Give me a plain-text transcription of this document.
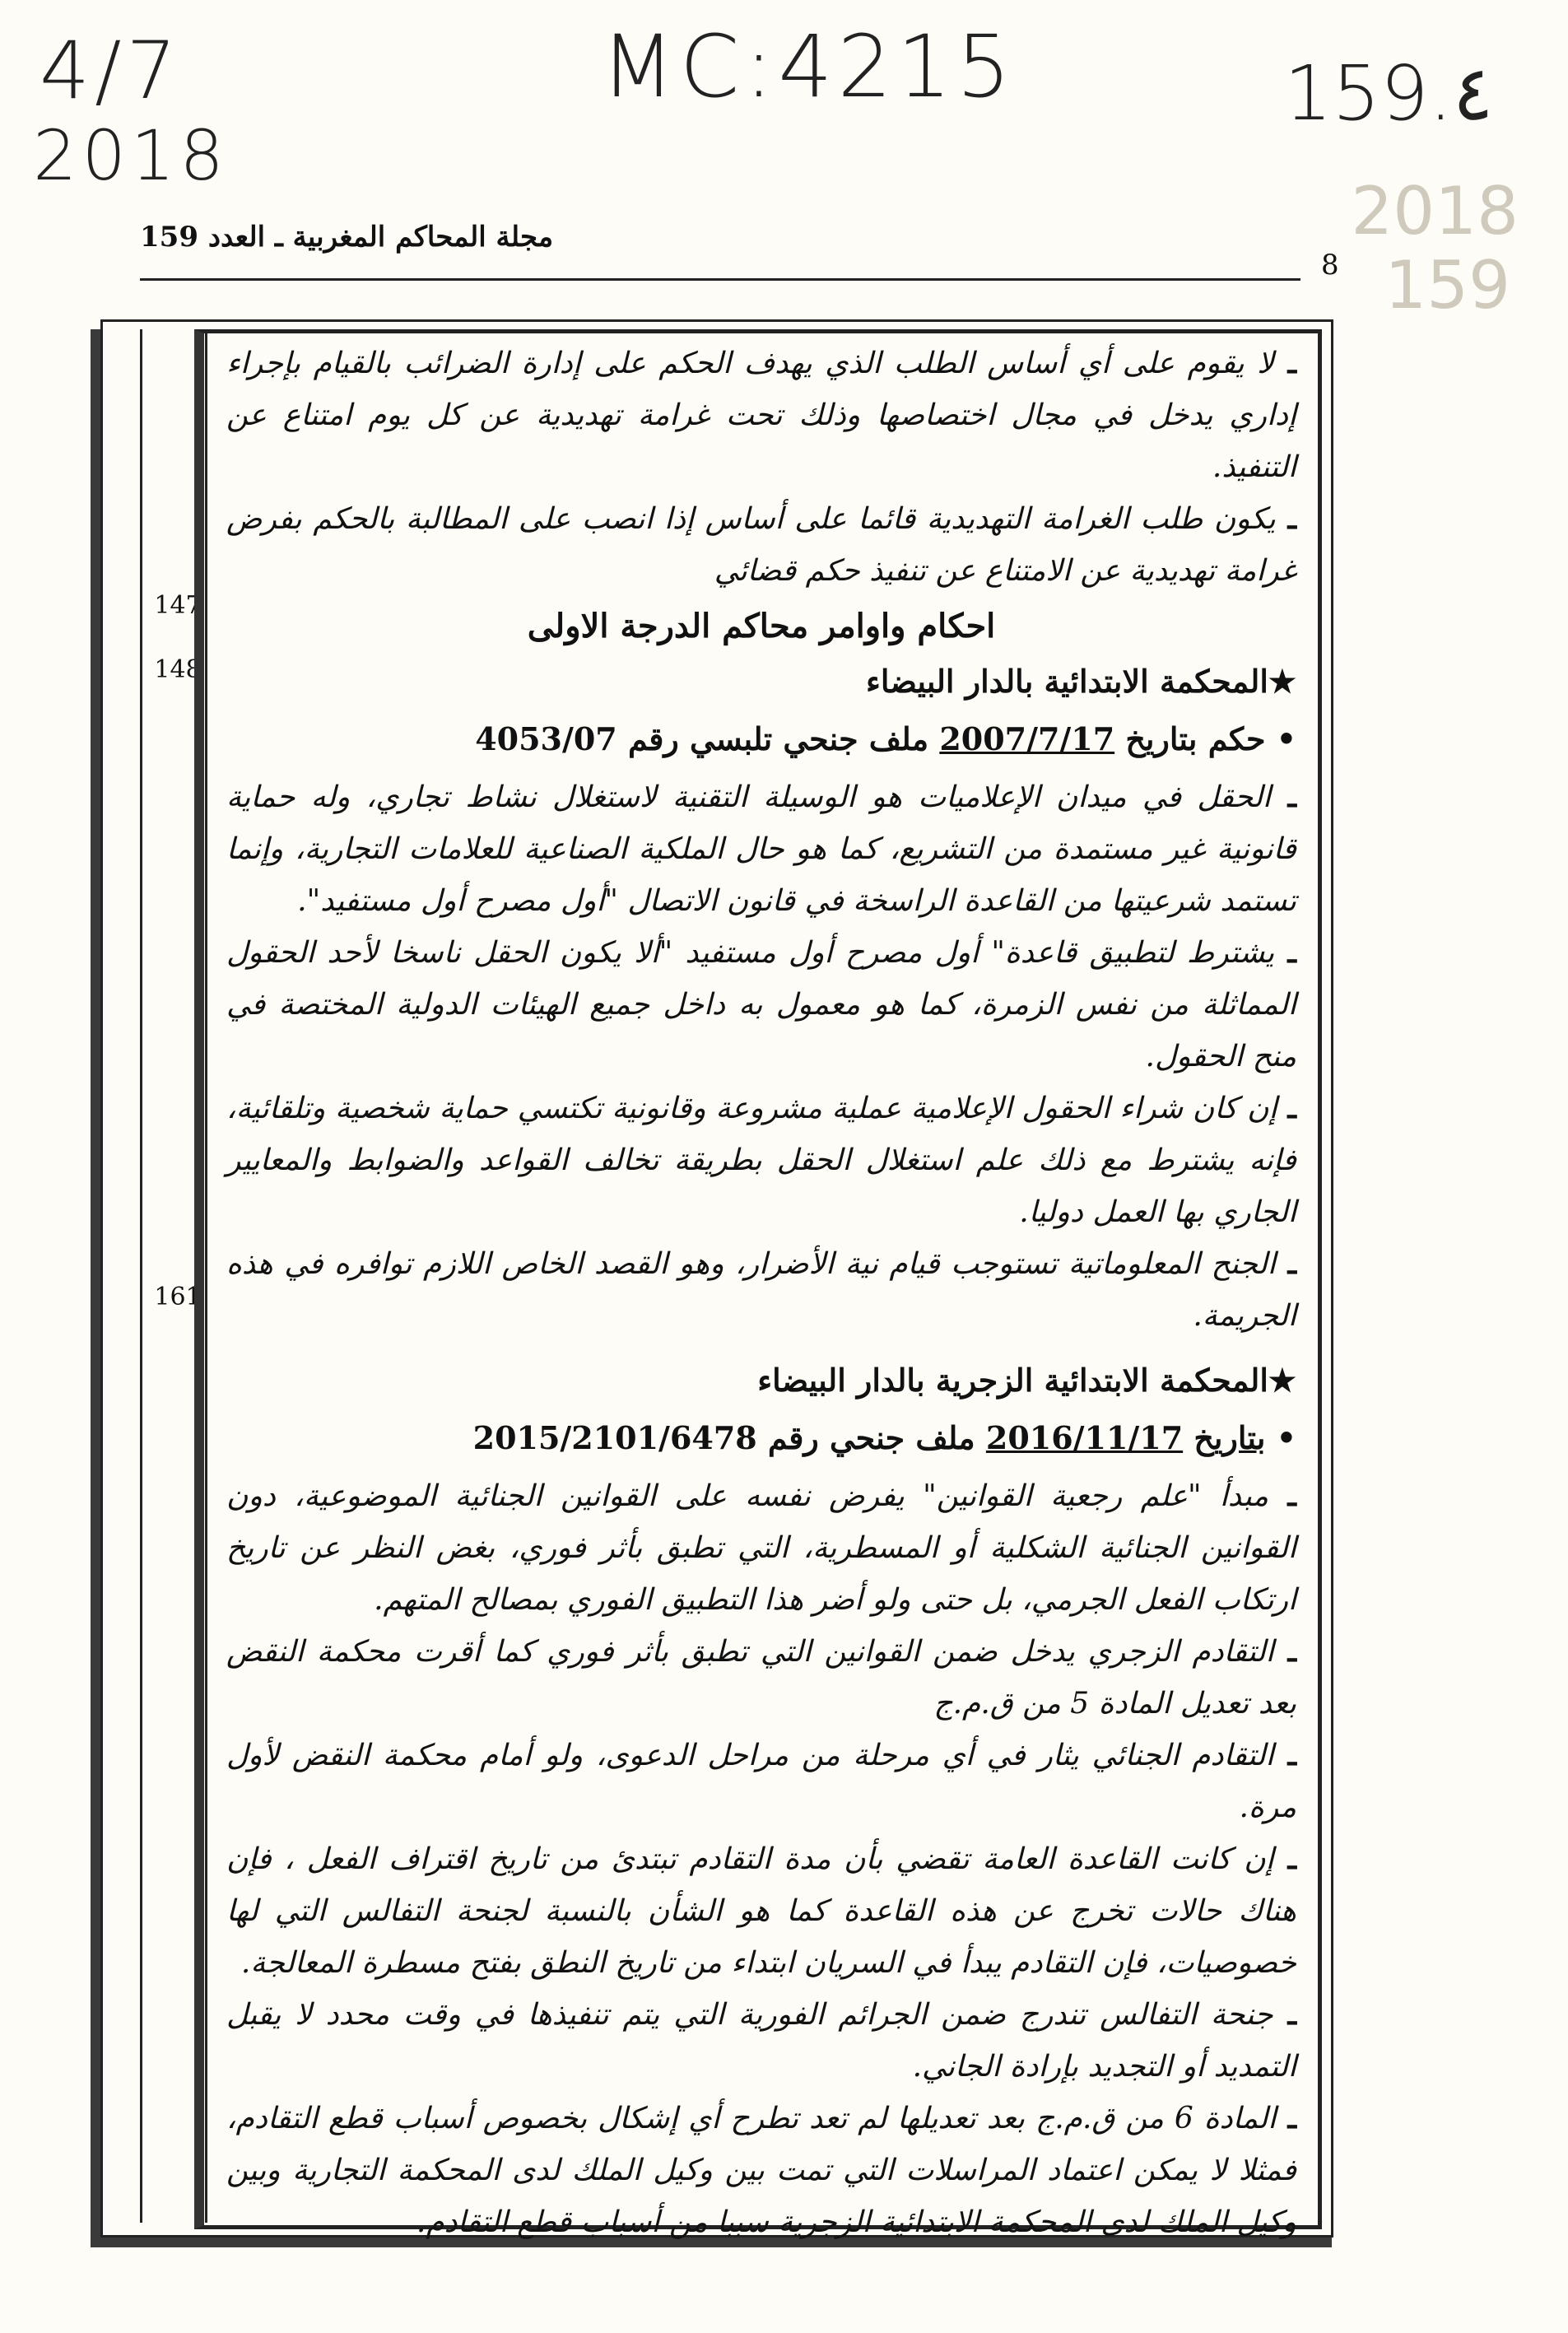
4/7
2018
MC:4215	159.٤
2018
159
مجلة المحاكم المغربية ـ العدد 159
8
147
148
161

ـ لا يقوم على أي أساس الطلب الذي يهدف الحكم على إدارة الضرائب بالقيام بإجراء إداري يدخل في مجال اختصاصها وذلك تحت غرامة تهديدية عن كل يوم امتناع عن التنفيذ.

ـ يكون طلب الغرامة التهديدية قائما على أساس إذا انصب على المطالبة بالحكم بفرض غرامة تهديدية عن الامتناع عن تنفيذ حكم قضائي

احكام واوامر محاكم الدرجة الاولى
★المحكمة الابتدائية بالدار البيضاء
• حكم بتاريخ 2007/7/17 ملف جنحي تلبسي رقم 4053/07

ـ الحقل في ميدان الإعلاميات هو الوسيلة التقنية لاستغلال نشاط تجاري، وله حماية قانونية غير مستمدة من التشريع، كما هو حال الملكية الصناعية للعلامات التجارية، وإنما تستمد شرعيتها من القاعدة الراسخة في قانون الاتصال "أول مصرح أول مستفيد".

ـ يشترط لتطبيق قاعدة" أول مصرح أول مستفيد "ألا يكون الحقل ناسخا لأحد الحقول المماثلة من نفس الزمرة، كما هو معمول به داخل جميع الهيئات الدولية المختصة في منح الحقول.

ـ إن كان شراء الحقول الإعلامية عملية مشروعة وقانونية تكتسي حماية شخصية وتلقائية، فإنه يشترط مع ذلك علم استغلال الحقل بطريقة تخالف القواعد والضوابط والمعايير الجاري بها العمل دوليا.

ـ الجنح المعلوماتية تستوجب قيام نية الأضرار، وهو القصد الخاص اللازم توافره في هذه الجريمة.

★المحكمة الابتدائية الزجرية بالدار البيضاء
• بتاريخ 2016/11/17 ملف جنحي رقم 2015/2101/6478

ـ مبدأ "علم رجعية القوانين" يفرض نفسه على القوانين الجنائية الموضوعية، دون القوانين الجنائية الشكلية أو المسطرية، التي تطبق بأثر فوري، بغض النظر عن تاريخ ارتكاب الفعل الجرمي، بل حتى ولو أضر هذا التطبيق الفوري بمصالح المتهم.

ـ التقادم الزجري يدخل ضمن القوانين التي تطبق بأثر فوري كما أقرت محكمة النقض بعد تعديل المادة 5 من ق.م.ج

ـ التقادم الجنائي يثار في أي مرحلة من مراحل الدعوى، ولو أمام محكمة النقض لأول مرة.

ـ إن كانت القاعدة العامة تقضي بأن مدة التقادم تبتدئ من تاريخ اقتراف الفعل ، فإن هناك حالات تخرج عن هذه القاعدة كما هو الشأن بالنسبة لجنحة التفالس التي لها خصوصيات، فإن التقادم يبدأ في السريان ابتداء من تاريخ النطق بفتح مسطرة المعالجة.

ـ جنحة التفالس تندرج ضمن الجرائم الفورية التي يتم تنفيذها في وقت محدد لا يقبل التمديد أو التجديد بإرادة الجاني.

ـ المادة 6 من ق.م.ج بعد تعديلها لم تعد تطرح أي إشكال بخصوص أسباب قطع التقادم، فمثلا لا يمكن اعتماد المراسلات التي تمت بين وكيل الملك لدى المحكمة التجارية وبين وكيل الملك لدى المحكمة الابتدائية الزجرية سببا من أسباب قطع التقادم.
